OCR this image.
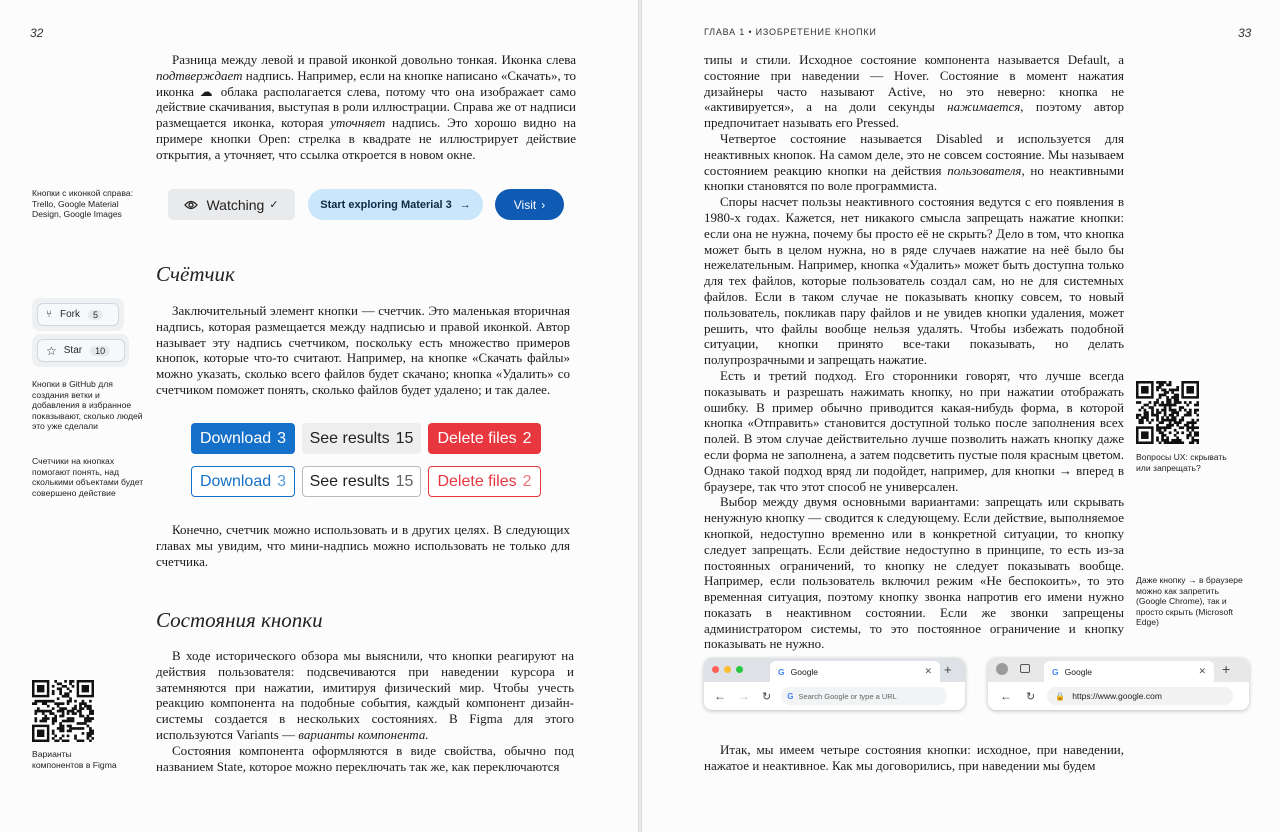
32

Разница между левой и правой иконкой довольно тонкая. Иконка слева подтверждает надпись. Например, если на кнопке написано «Скачать», то иконка ☁ облака располагается слева, потому что она изображает само действие скачивания, выступая в роли иллюстрации. Справа же от надписи размещается иконка, которая уточняет надпись. Это хорошо видно на примере кнопки Open: стрелка в квадрате не иллюстрирует действие открытия, а уточняет, что ссылка откроется в новом окне.

Кнопки с иконкой справа: Trello, Google Material Design, Google Images
Watching ✓	Start exploring Material 3 →	Visit ›
Счётчик
⑂ Fork	5
☆ Star	10
Кнопки в GitHub для создания ветки и добавления в избранное показывают, сколько людей это уже сделали
Счетчики на кнопках помогают понять, над сколькими объектами будет совершено действие

Заключительный элемент кнопки — счетчик. Это маленькая вторичная надпись, которая размещается между надписью и правой иконкой. Автор называет эту надпись счетчиком, поскольку есть множество примеров кнопок, которые что-то считают. Например, на кнопке «Скачать файлы» можно указать, сколько всего файлов будет скачано; кнопка «Удалить» со счетчиком поможет понять, сколько файлов будет удалено; и так далее.

Download 3 See results 15 Delete files 2
Download 3 See results 15 Delete files 2

Конечно, счетчик можно использовать и в других целях. В следующих главах мы увидим, что мини-надпись можно использовать не только для счетчика.

Состояния кнопки

В ходе исторического обзора мы выяснили, что кнопки реагируют на действия пользователя: подсвечиваются при наведении курсора и затемняются при нажатии, имитируя физический мир. Чтобы учесть реакцию компонента на подобные события, каждый компонент дизайн-системы создается в нескольких состояниях. В Figma для этого используются Variants — варианты компонента.

Состояния компонента оформляются в виде свойства, обычно под названием State, которое можно переключать так же, как переключаются

Варианты компонентов в Figma
ГЛАВА 1 • ИЗОБРЕТЕНИЕ КНОПКИ	33

типы и стили. Исходное состояние компонента называется Default, а состояние при наведении — Hover. Состояние в момент нажатия дизайнеры часто называют Active, но это неверно: кнопка не «активируется», а на доли секунды нажимается, поэтому автор предпочитает называть его Pressed.

Четвертое состояние называется Disabled и используется для неактивных кнопок. На самом деле, это не совсем состояние. Мы называем состоянием реакцию кнопки на действия пользователя, но неактивными кнопки становятся по воле программиста.

Споры насчет пользы неактивного состояния ведутся с его появления в 1980-х годах. Кажется, нет никакого смысла запрещать нажатие кнопки: если она не нужна, почему бы просто её не скрыть? Дело в том, что кнопка может быть в целом нужна, но в ряде случаев нажатие на неё было бы нежелательным. Например, кнопка «Удалить» может быть доступна только для тех файлов, которые пользователь создал сам, но не для системных файлов. Если в таком случае не показывать кнопку совсем, то новый пользователь, покликав пару файлов и не увидев кнопки удаления, может решить, что файлы вообще нельзя удалять. Чтобы избежать подобной ситуации, кнопки принято все-таки показывать, но делать полупрозрачными и запрещать нажатие.

Есть и третий подход. Его сторонники говорят, что лучше всегда показывать и разрешать нажимать кнопку, но при нажатии отображать ошибку. В пример обычно приводится какая-нибудь форма, в которой кнопка «Отправить» становится доступной только после заполнения всех полей. В этом случае действительно лучше позволить нажать кнопку даже если форма не заполнена, а затем подсветить пустые поля красным цветом. Однако такой подход вряд ли подойдет, например, для кнопки → вперед в браузере, так что этот способ не универсален.

Выбор между двумя основными вариантами: запрещать или скрывать ненужную кнопку — сводится к следующему. Если действие, выполняемое кнопкой, недоступно временно или в конкретной ситуации, то кнопку следует запрещать. Если действие недоступно в принципе, то есть из-за постоянных ограничений, то кнопку не следует показывать вообще. Например, если пользователь включил режим «Не беспокоить», то это временная ситуация, поэтому кнопку звонка напротив его имени нужно показать в неактивном состоянии. Если же звонки запрещены администратором системы, то это постоянное ограничение и кнопку показывать не нужно.

Вопросы UX: скрывать или запрещать?
Даже кнопку → в браузере можно как запретить (Google Chrome), так и просто скрыть (Microsoft Edge)
G Google	✕ +
← → ↻ G Search Google or type a URL
G Google	✕ +
← ↻	🔒 https://www.google.com

Итак, мы имеем четыре состояния кнопки: исходное, при наведении, нажатое и неактивное. Как мы договорились, при наведении мы будем
